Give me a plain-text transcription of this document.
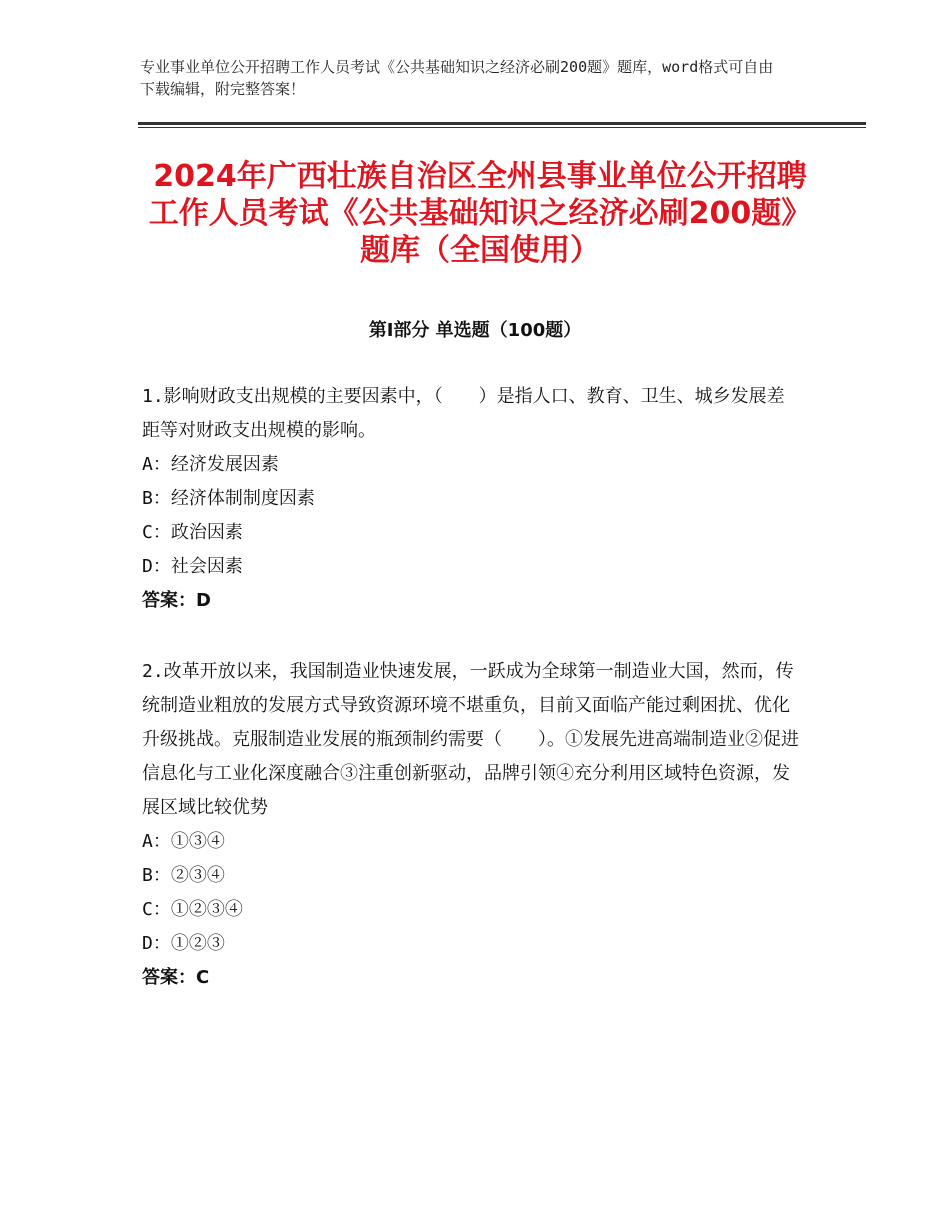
专业事业单位公开招聘工作人员考试《公共基础知识之经济必刷200题》题库，word格式可自由下载编辑，附完整答案！
2024年广西壮族自治区全州县事业单位公开招聘工作人员考试《公共基础知识之经济必刷200题》题库（全国使用）
第Ⅰ部分 单选题（100题）
1.影响财政支出规模的主要因素中，（　　）是指人口、教育、卫生、城乡发展差距等对财政支出规模的影响。
A：经济发展因素
B：经济体制制度因素
C：政治因素
D：社会因素
答案：D
2.改革开放以来，我国制造业快速发展，一跃成为全球第一制造业大国，然而，传统制造业粗放的发展方式导致资源环境不堪重负，目前又面临产能过剩困扰、优化升级挑战。克服制造业发展的瓶颈制约需要（　　）。①发展先进高端制造业②促进信息化与工业化深度融合③注重创新驱动，品牌引领④充分利用区域特色资源，发展区域比较优势
A：①③④
B：②③④
C：①②③④
D：①②③
答案：C
